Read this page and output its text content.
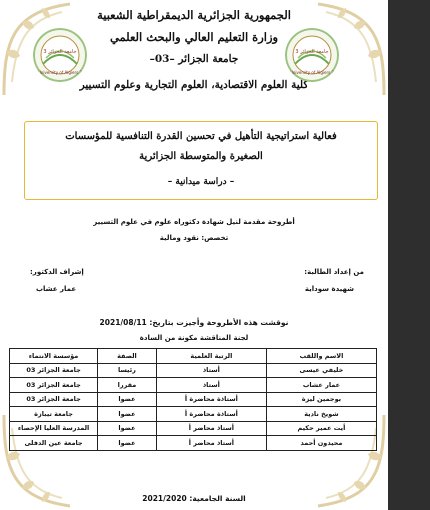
الجمهورية الجزائرية الديمقراطية الشعبية
وزارة التعليم العالي والبحث العلمي
جامعة الجزائر –03–
كلية العلوم الاقتصادية، العلوم التجارية وعلوم التسيير
University of Algiers 3
جامعة الجزائر 3
University of Algiers 3
جامعة الجزائر 3
فعالية استراتيجية التأهيل في تحسين القدرة التنافسية للمؤسسات
الصغيرة والمتوسطة الجزائرية
– دراسة ميدانية –
أطروحة مقدمة لنيل شهادة دكتوراه علوم في علوم التسيير
تخصص: نقود ومالية
من إعداد الطالبة:
شهيدة سوداية
إشراف الدكتور:
عمار عشاب
نوقشت هذه الأطروحة وأجيزت بتاريخ: 2021/08/11
لجنة المناقشة مكونة من السادة
الاسم واللقب	الرتبة العلمية	الصفة	مؤسسة الانتماء
خليفي عيسى	أستاذ	رئيسا	جامعة الجزائر 03
عمار عشاب	أستاذ	مقررا	جامعة الجزائر 03
بوجمين ليزة	أستاذة محاضرة أ	عضوا	جامعة الجزائر 03
شويخ نادية	أستاذة محاضرة أ	عضوا	جامعة تيبازة
أيت عمير حكيم	أستاذ محاضر أ	عضوا	المدرسة العليا الإحصاء
محيدون أحمد	أستاذ محاضر أ	عضوا	جامعة عين الدفلى
السنة الجامعية: 2021/2020
